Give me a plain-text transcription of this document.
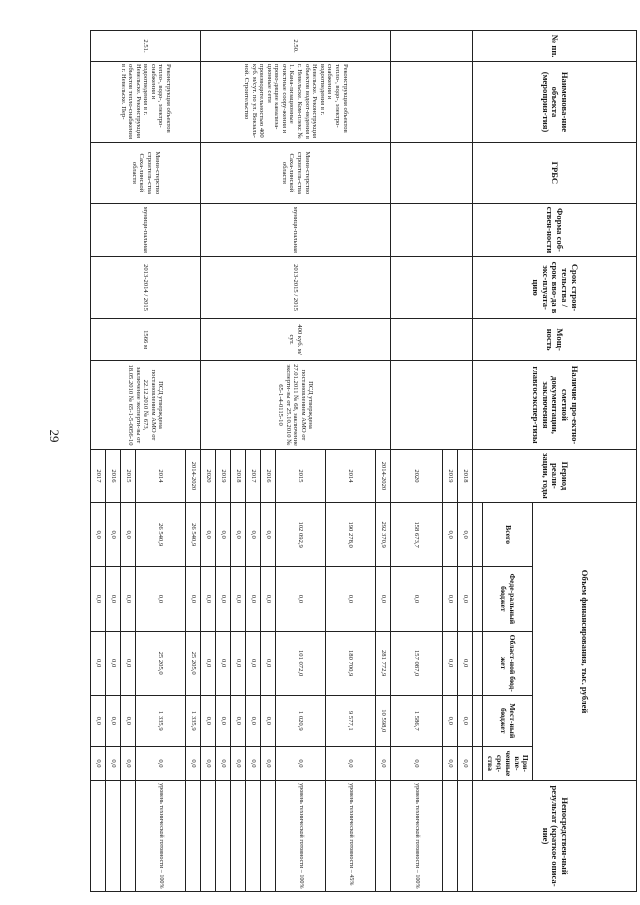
29
№ пп.	Наименова-ние объекта (мероприя-тия)	ГРБС	Форма соб-ствен-ности	Срок строи-тельства / срок вво-да в экс-плуата-цию	Мощ-ность	Наличие про-ектно-сметной документации, заключения главгосэкспер-тизы	Период реали-зации, годы	Объем финансирования, тыс. рублей					Непосредствен-ный результат (краткое описа-ние)
								Всего	Феде-ральный бюджет	Област-ной бюд-жет	Мест-ный бюджет	При-вле-ченные сред-ства	

							2018	0,0	0,0	0,0	0,0	0,0	
							2019	0,0	0,0	0,0	0,0	0,0	
							2020	158 673,7	0,0	157 087,0	1 586,7	0,0	уровень технической готовности – 100%
2.50.	Реконструкция объектов тепло-, водо-, электро-снабжения и водоотведения в г. Невельске. Реконструкция объектов водоот-ведения в г. Невельске. Ком-плекс № 1. Кана-лизационные очистные соору-жения и прово-дящие канализа-ционные сети производительностью 400 куб. м/сут. по ул. Вокзаль-ной. Строительство	Мини-стерство строитель-ства Саха-линской области	муници-пальная	2013-2015 / 2015	400 куб. м/сут.	ПСД утверждена постановлением АМО от 27.01.2011 № 68, заключение эксперти-зы от 25.10.2010 № 65-1-4-0115-10	2014-2020	292 370,9	0,0	281 772,9	10 598,0	0,0	
							2014	190 278,0	0,0	180 700,9	9 577,1	0,0	уровень технической готовности – 45%
							2015	102 092,9	0,0	101 072,0	1 020,9	0,0	уровень технической готовности – 100%
							2016	0,0	0,0	0,0	0,0	0,0	
							2017	0,0	0,0	0,0	0,0	0,0	
							2018	0,0	0,0	0,0	0,0	0,0	
							2019	0,0	0,0	0,0	0,0	0,0	
							2020	0,0	0,0	0,0	0,0	0,0	
2.51.	Реконструкция объектов тепло-, водо-, электро-снабжения и водоотведения в г. Невельске. Реконструкция объектов тепло-снабжения в г. Невельске. Пер-	Мини-стерство строитель-ства Саха-линской области	муници-пальная	2013-2014 / 2015	1566 м	ПСД утверждена постановлением АМО от 22.12.2010 № 673, заключение эксперти-зы от 18.05.2010 № 65-1-5-0056-10	2014-2020	26 540,9	0,0	25 205,0	1 335,9	0,0	
							2014	26 540,9	0,0	25 205,0	1 335,9	0,0	уровень технической готовности – 100%
							2015	0,0	0,0	0,0	0,0	0,0	
							2016	0,0	0,0	0,0	0,0	0,0	
							2017	0,0	0,0	0,0	0,0	0,0	
